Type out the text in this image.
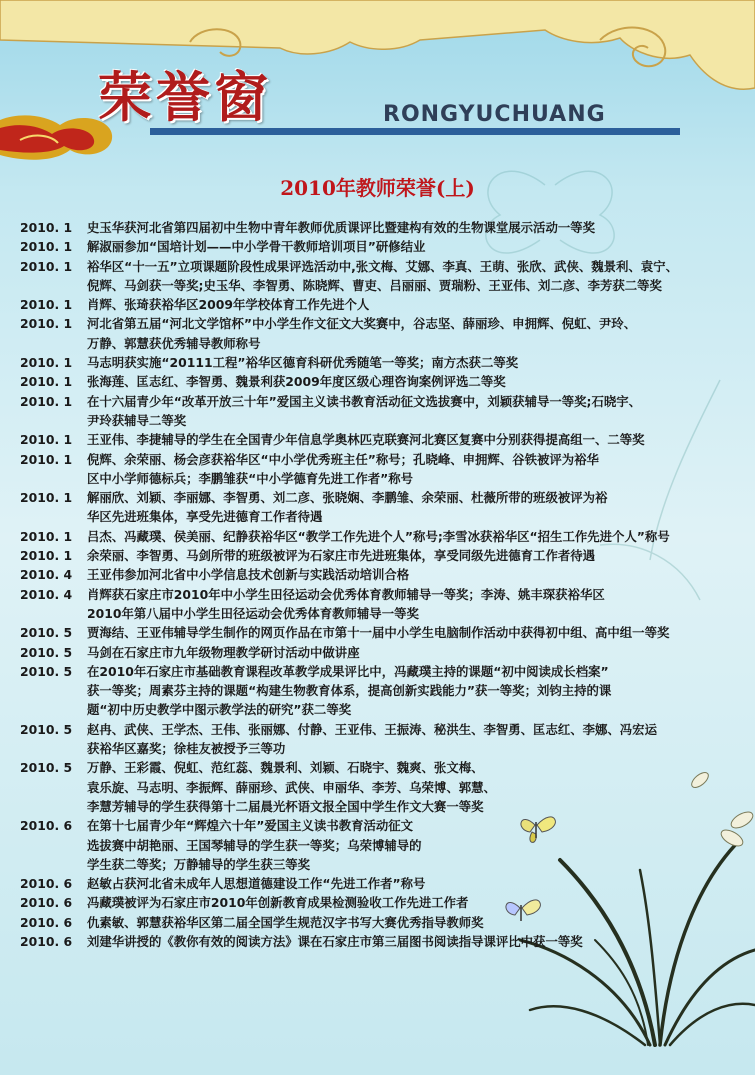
荣誉窗	RONGYUCHUANG
2010年教师荣誉(上)
2010. 1	史玉华获河北省第四届初中生物中青年教师优质课评比暨建构有效的生物课堂展示活动一等奖
2010. 1	解淑丽参加“国培计划——中小学骨干教师培训项目”研修结业
2010. 1	裕华区“十一五”立项课题阶段性成果评选活动中,张文梅、艾娜、李真、王萌、张欣、武侠、魏景利、袁宁、
倪辉、马剑获一等奖;史玉华、李智勇、陈晓辉、曹吏、吕丽丽、贾瑞粉、王亚伟、刘二彦、李芳获二等奖
2010. 1	肖辉、张琦获裕华区2009年学校体育工作先进个人
2010. 1	河北省第五届“河北文学馆杯”中小学生作文征文大奖赛中，谷志坚、薛丽珍、申拥辉、倪虹、尹玲、
万静、郭慧获优秀辅导教师称号
2010. 1	马志明获实施“20111工程”裕华区德育科研优秀随笔一等奖；南方杰获二等奖
2010. 1	张海莲、匡志红、李智勇、魏景利获2009年度区级心理咨询案例评选二等奖
2010. 1	在十六届青少年“改革开放三十年”爱国主义读书教育活动征文选拔赛中，刘颖获辅导一等奖;石晓宇、
尹玲获辅导二等奖
2010. 1	王亚伟、李捷辅导的学生在全国青少年信息学奥林匹克联赛河北赛区复赛中分别获得提高组一、二等奖
2010. 1	倪辉、余荣丽、杨会彦获裕华区“中小学优秀班主任”称号；孔晓峰、申拥辉、谷铁被评为裕华
区中小学师德标兵；李鹏雏获“中小学德育先进工作者”称号
2010. 1	解丽欣、刘颖、李丽娜、李智勇、刘二彦、张晓娴、李鹏雏、余荣丽、杜薇所带的班级被评为裕
华区先进班集体，享受先进德育工作者待遇
2010. 1	吕杰、冯藏璞、侯美丽、纪静获裕华区“教学工作先进个人”称号;李雪冰获裕华区“招生工作先进个人”称号
2010. 1	余荣丽、李智勇、马剑所带的班级被评为石家庄市先进班集体，享受同级先进德育工作者待遇
2010. 4	王亚伟参加河北省中小学信息技术创新与实践活动培训合格
2010. 4	肖辉获石家庄市2010年中小学生田径运动会优秀体育教师辅导一等奖；李涛、姚丰琛获裕华区
2010年第八届中小学生田径运动会优秀体育教师辅导一等奖
2010. 5	贾海结、王亚伟辅导学生制作的网页作品在市第十一届中小学生电脑制作活动中获得初中组、高中组一等奖
2010. 5	马剑在石家庄市九年级物理教学研讨活动中做讲座
2010. 5	在2010年石家庄市基础教育课程改革教学成果评比中，冯藏璞主持的课题“初中阅读成长档案”
获一等奖；周素芬主持的课题“构建生物教育体系，提高创新实践能力”获一等奖；刘钧主持的课
题“初中历史教学中图示教学法的研究”获二等奖
2010. 5	赵冉、武侠、王学杰、王伟、张丽娜、付静、王亚伟、王振涛、秘洪生、李智勇、匡志红、李娜、冯宏运
获裕华区嘉奖；徐桂友被授予三等功
2010. 5	万静、王彩霞、倪虹、范红蕊、魏景利、刘颖、石晓宇、魏爽、张文梅、
袁乐旋、马志明、李振辉、薛丽珍、武侠、申丽华、李芳、乌荣博、郭慧、
李慧芳辅导的学生获得第十二届晨光杯语文报全国中学生作文大赛一等奖
2010. 6	在第十七届青少年“辉煌六十年”爱国主义读书教育活动征文
选拔赛中胡艳丽、王国琴辅导的学生获一等奖；乌荣博辅导的
学生获二等奖；万静辅导的学生获三等奖
2010. 6	赵敏占获河北省未成年人思想道德建设工作“先进工作者”称号
2010. 6	冯藏璞被评为石家庄市2010年创新教育成果检测验收工作先进工作者
2010. 6	仇素敏、郭慧获裕华区第二届全国学生规范汉字书写大赛优秀指导教师奖
2010. 6	刘建华讲授的《教你有效的阅读方法》课在石家庄市第三届图书阅读指导课评比中获一等奖
